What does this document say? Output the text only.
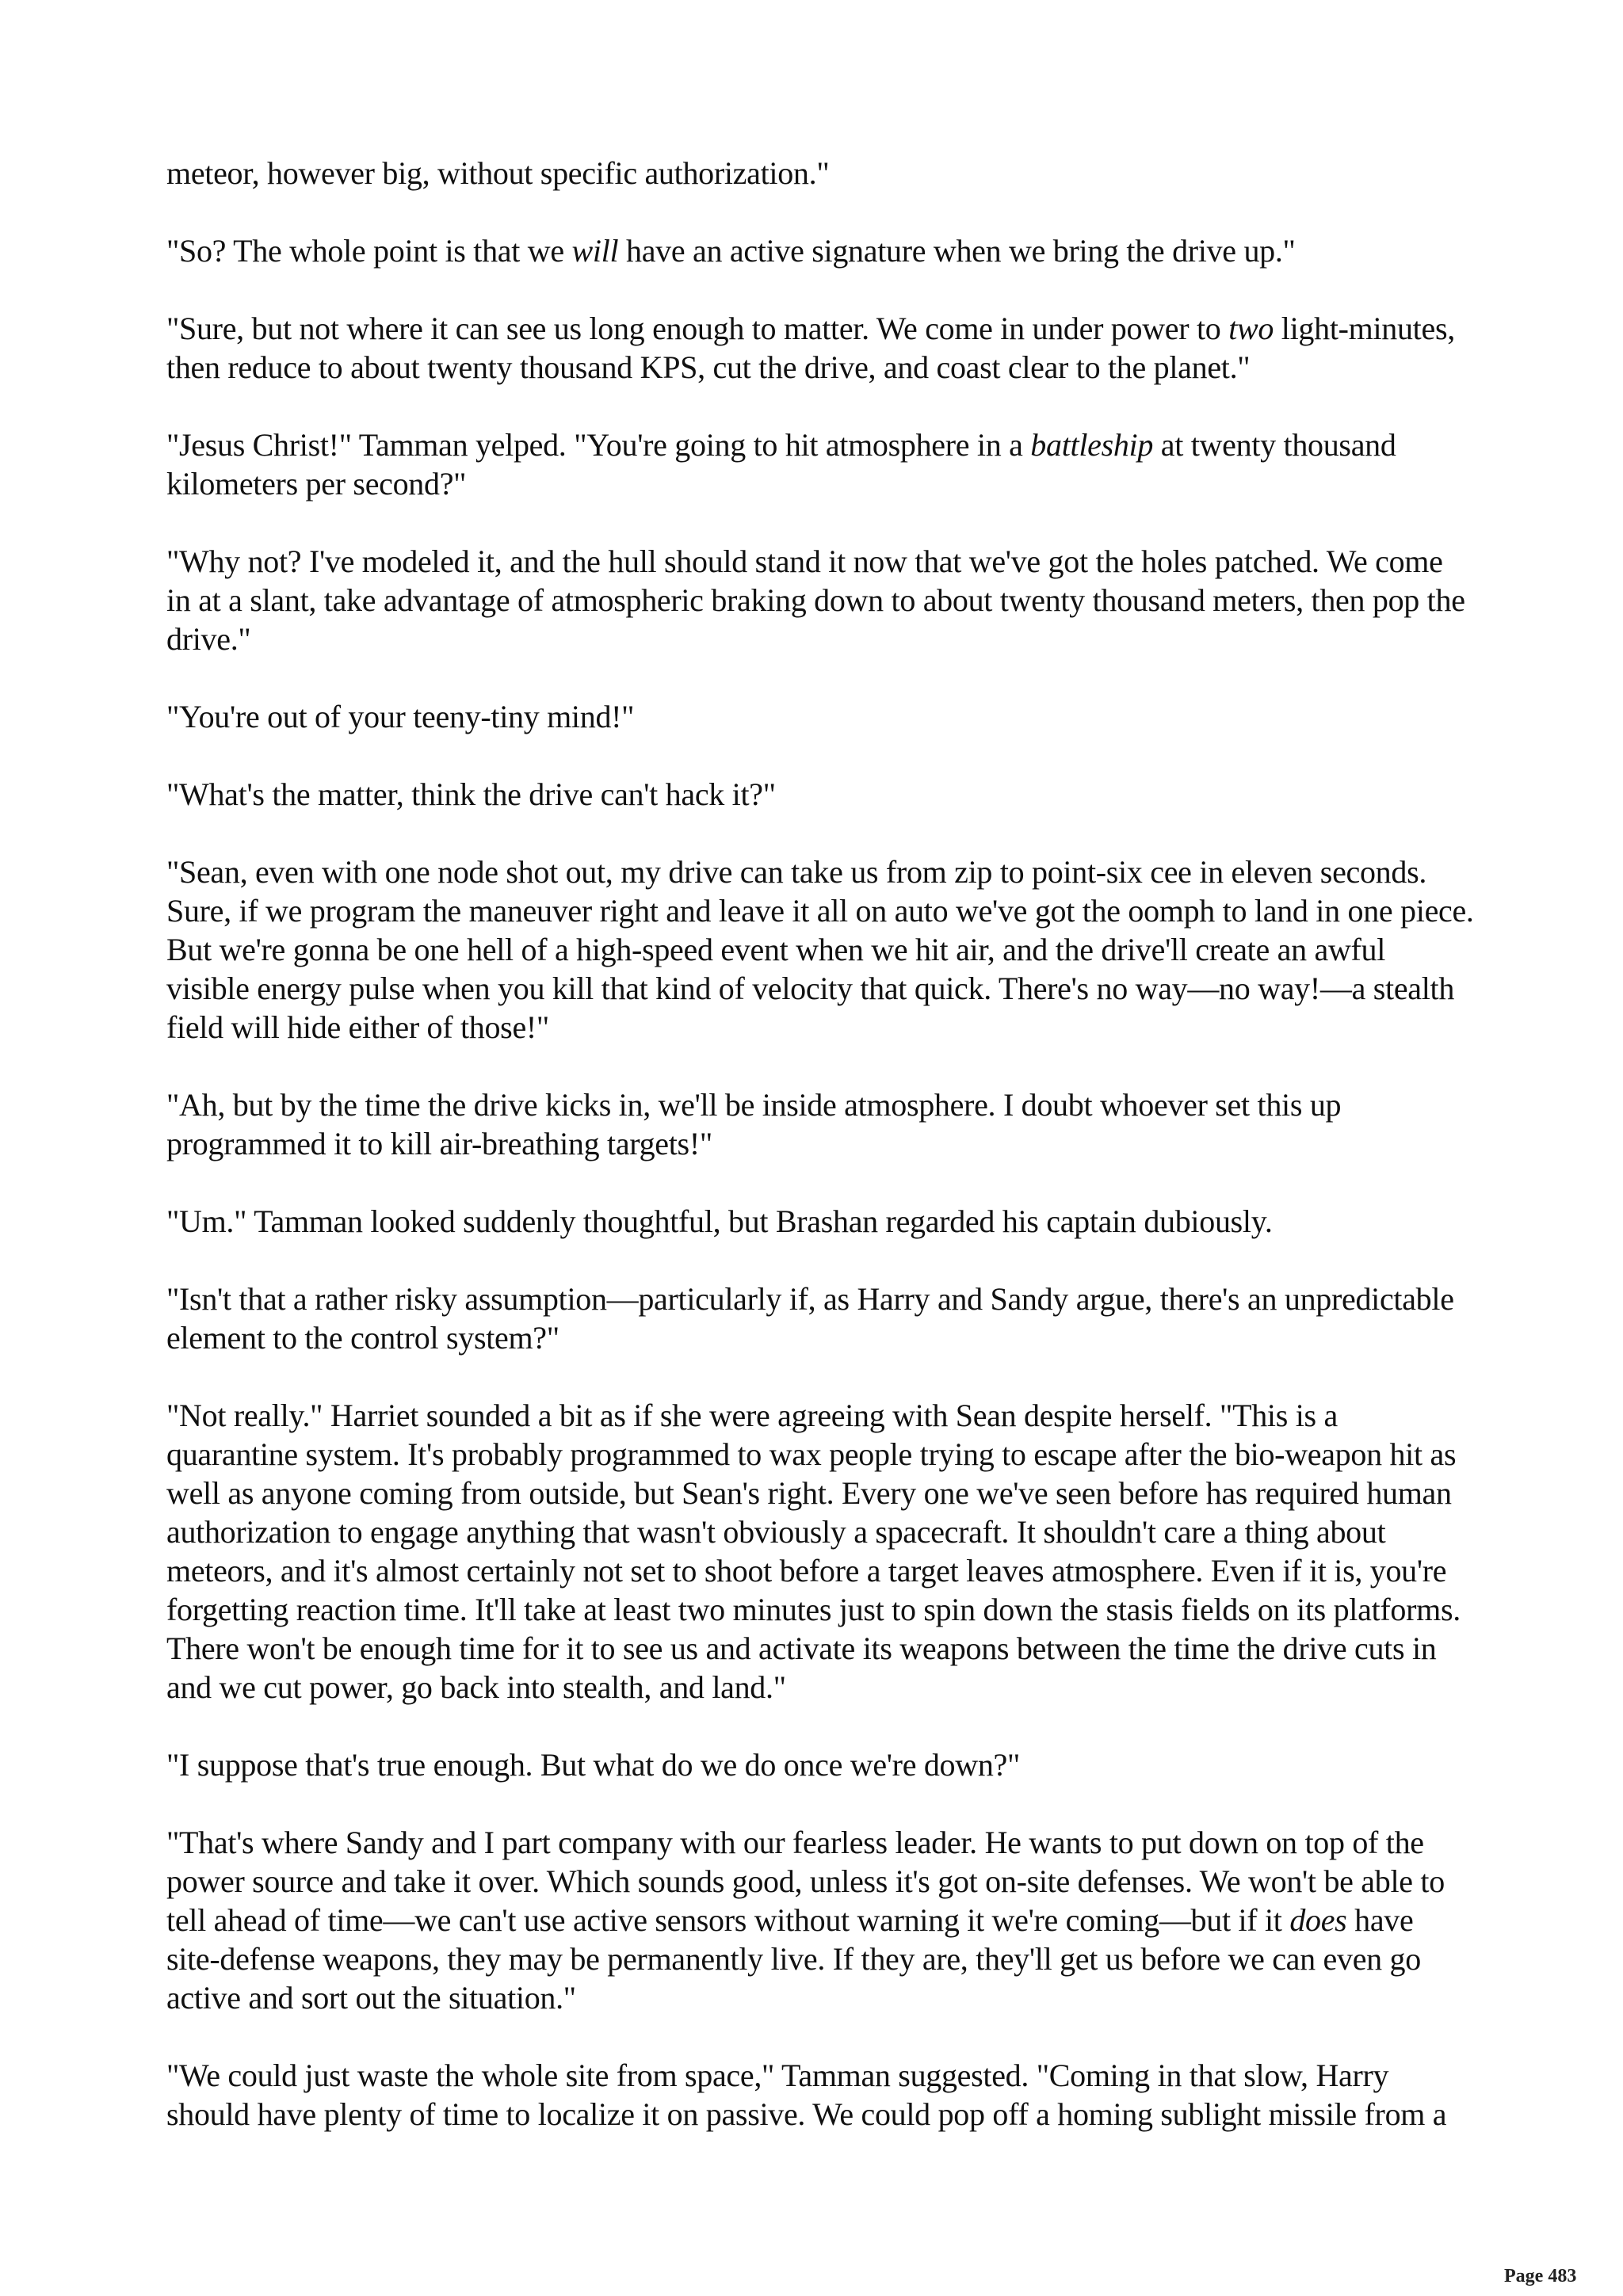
meteor, however big, without specific authorization."

"So? The whole point is that we will have an active signature when we bring the drive up."

"Sure, but not where it can see us long enough to matter. We come in under power to two light-minutes, then reduce to about twenty thousand KPS, cut the drive, and coast clear to the planet."

"Jesus Christ!" Tamman yelped. "You're going to hit atmosphere in a battleship at twenty thousand kilometers per second?"

"Why not? I've modeled it, and the hull should stand it now that we've got the holes patched. We come in at a slant, take advantage of atmospheric braking down to about twenty thousand meters, then pop the drive."

"You're out of your teeny-tiny mind!"

"What's the matter, think the drive can't hack it?"

"Sean, even with one node shot out, my drive can take us from zip to point-six cee in eleven seconds. Sure, if we program the maneuver right and leave it all on auto we've got the oomph to land in one piece. But we're gonna be one hell of a high-speed event when we hit air, and the drive'll create an awful visible energy pulse when you kill that kind of velocity that quick. There's no way—no way!—a stealth field will hide either of those!"

"Ah, but by the time the drive kicks in, we'll be inside atmosphere. I doubt whoever set this up programmed it to kill air-breathing targets!"

"Um." Tamman looked suddenly thoughtful, but Brashan regarded his captain dubiously.

"Isn't that a rather risky assumption—particularly if, as Harry and Sandy argue, there's an unpredictable element to the control system?"

"Not really." Harriet sounded a bit as if she were agreeing with Sean despite herself. "This is a quarantine system. It's probably programmed to wax people trying to escape after the bio-weapon hit as well as anyone coming from outside, but Sean's right. Every one we've seen before has required human authorization to engage anything that wasn't obviously a spacecraft. It shouldn't care a thing about meteors, and it's almost certainly not set to shoot before a target leaves atmosphere. Even if it is, you're forgetting reaction time. It'll take at least two minutes just to spin down the stasis fields on its platforms. There won't be enough time for it to see us and activate its weapons between the time the drive cuts in and we cut power, go back into stealth, and land."

"I suppose that's true enough. But what do we do once we're down?"

"That's where Sandy and I part company with our fearless leader. He wants to put down on top of the power source and take it over. Which sounds good, unless it's got on-site defenses. We won't be able to tell ahead of time—we can't use active sensors without warning it we're coming—but if it does have site-defense weapons, they may be permanently live. If they are, they'll get us before we can even go active and sort out the situation."

"We could just waste the whole site from space," Tamman suggested. "Coming in that slow, Harry should have plenty of time to localize it on passive. We could pop off a homing sublight missile from a

Page 483
